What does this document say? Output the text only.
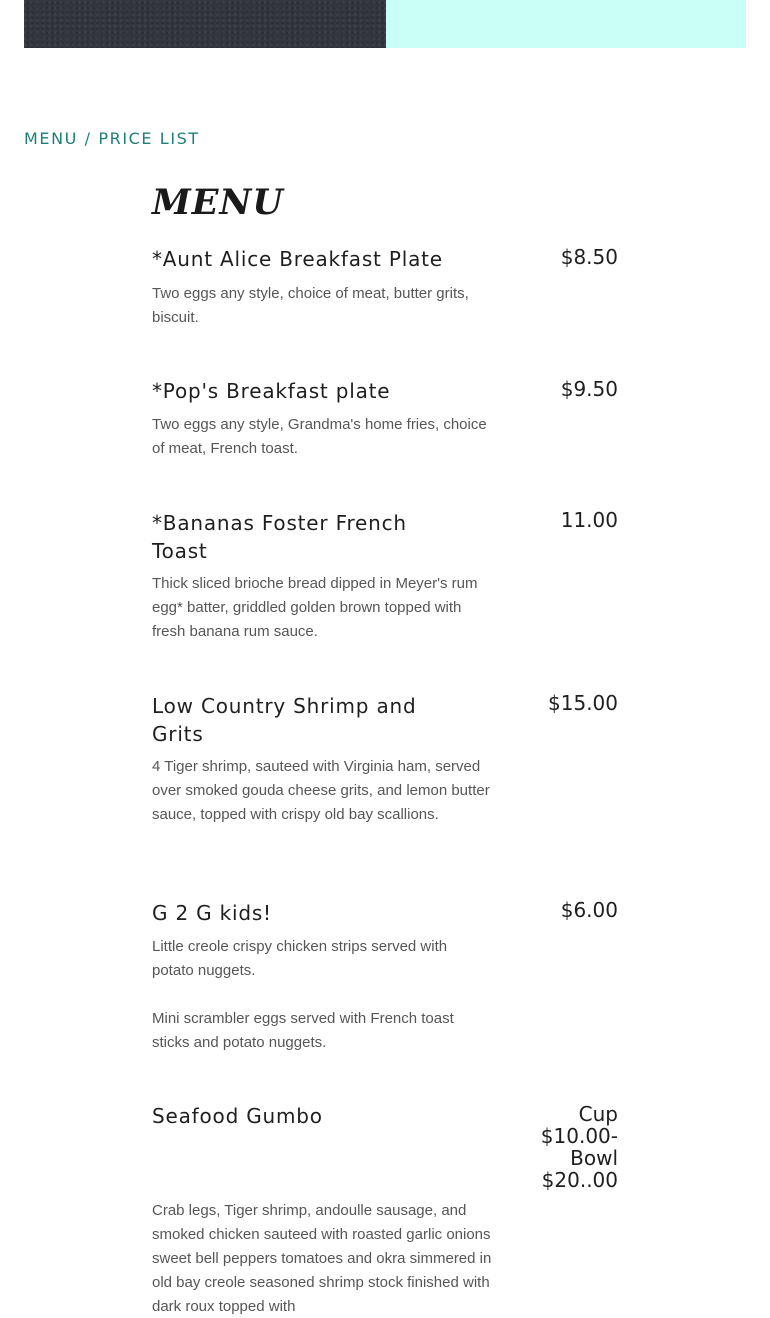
MENU / PRICE LIST
MENU
*Aunt Alice Breakfast Plate	$8.50
Two eggs any style, choice of meat, butter grits, biscuit.
*Pop's Breakfast plate	$9.50
Two eggs any style, Grandma's home fries, choice of meat, French toast.
*Bananas Foster French Toast
11.00
Thick sliced brioche bread dipped in Meyer's rum egg* batter, griddled golden brown topped with fresh banana rum sauce.
Low Country Shrimp and Grits
$15.00
4 Tiger shrimp, sauteed with Virginia ham, served over smoked gouda cheese grits, and lemon butter sauce, topped with crispy old bay scallions.
G 2 G kids!	$6.00
Little creole crispy chicken strips served with potato nuggets.
Mini scrambler eggs served with French toast sticks and potato nuggets.
Seafood Gumbo	Cup $10.00- Bowl $20..00
Crab legs, Tiger shrimp, andoulle sausage, and smoked chicken sauteed with roasted garlic onions sweet bell peppers tomatoes and okra simmered in old bay creole seasoned shrimp stock finished with dark roux topped with
